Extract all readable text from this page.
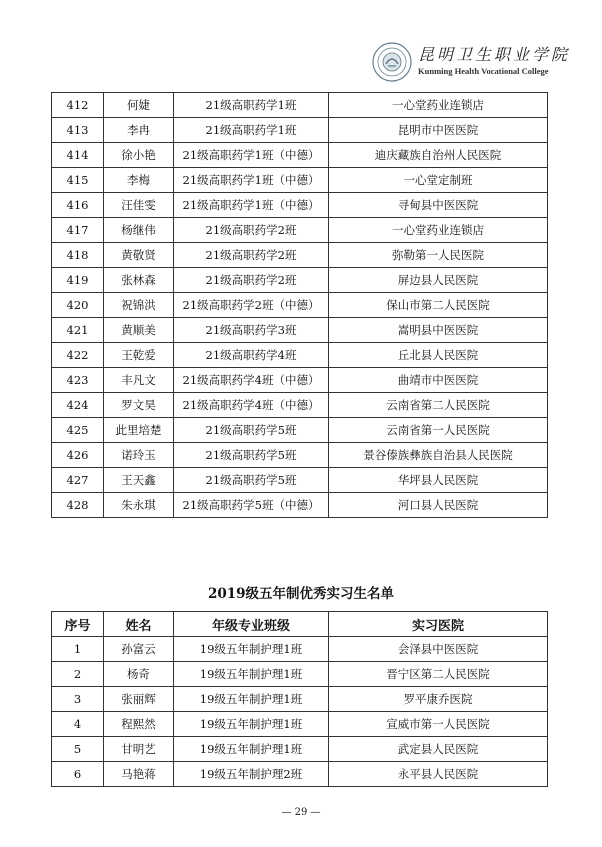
昆明卫生职业学院
Kunming Health Vocational College
412	何婕	21级高职药学1班	一心堂药业连锁店
413	李冉	21级高职药学1班	昆明市中医医院
414	徐小艳	21级高职药学1班（中德）	迪庆藏族自治州人民医院
415	李梅	21级高职药学1班（中德）	一心堂定制班
416	汪佳雯	21级高职药学1班（中德）	寻甸县中医医院
417	杨继伟	21级高职药学2班	一心堂药业连锁店
418	黄敬贤	21级高职药学2班	弥勒第一人民医院
419	张林森	21级高职药学2班	屏边县人民医院
420	祝锦洪	21级高职药学2班（中德）	保山市第二人民医院
421	黄顺美	21级高职药学3班	嵩明县中医医院
422	王乾爱	21级高职药学4班	丘北县人民医院
423	丰凡文	21级高职药学4班（中德）	曲靖市中医医院
424	罗文昊	21级高职药学4班（中德）	云南省第二人民医院
425	此里培楚	21级高职药学5班	云南省第一人民医院
426	诺玲玉	21级高职药学5班	景谷傣族彝族自治县人民医院
427	王天鑫	21级高职药学5班	华坪县人民医院
428	朱永琪	21级高职药学5班（中德）	河口县人民医院
2019级五年制优秀实习生名单
序号	姓名	年级专业班级	实习医院
1	孙富云	19级五年制护理1班	会泽县中医医院
2	杨奇	19级五年制护理1班	晋宁区第二人民医院
3	张丽辉	19级五年制护理1班	罗平康乔医院
4	程熙然	19级五年制护理1班	宣威市第一人民医院
5	甘明艺	19级五年制护理1班	武定县人民医院
6	马艳蒋	19级五年制护理2班	永平县人民医院
— 29 —
